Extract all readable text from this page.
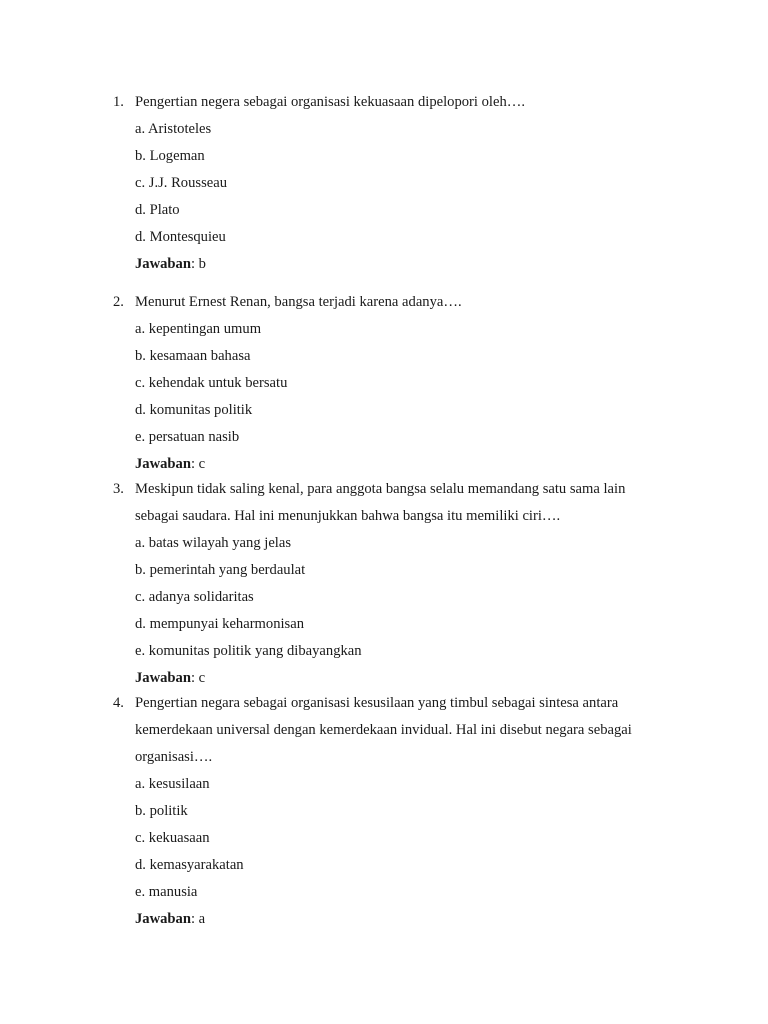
1. Pengertian negera sebagai organisasi kekuasaan dipelopori oleh….
a. Aristoteles
b. Logeman
c. J.J. Rousseau
d. Plato
d. Montesquieu
Jawaban: b
2. Menurut Ernest Renan, bangsa terjadi karena adanya….
a. kepentingan umum
b. kesamaan bahasa
c. kehendak untuk bersatu
d. komunitas politik
e. persatuan nasib
Jawaban: c
3. Meskipun tidak saling kenal, para anggota bangsa selalu memandang satu sama lain
sebagai saudara. Hal ini menunjukkan bahwa bangsa itu memiliki ciri….
a. batas wilayah yang jelas
b. pemerintah yang berdaulat
c. adanya solidaritas
d. mempunyai keharmonisan
e. komunitas politik yang dibayangkan
Jawaban: c
4. Pengertian negara sebagai organisasi kesusilaan yang timbul sebagai sintesa antara
kemerdekaan universal dengan kemerdekaan invidual. Hal ini disebut negara sebagai
organisasi….
a. kesusilaan
b. politik
c. kekuasaan
d. kemasyarakatan
e. manusia
Jawaban: a
